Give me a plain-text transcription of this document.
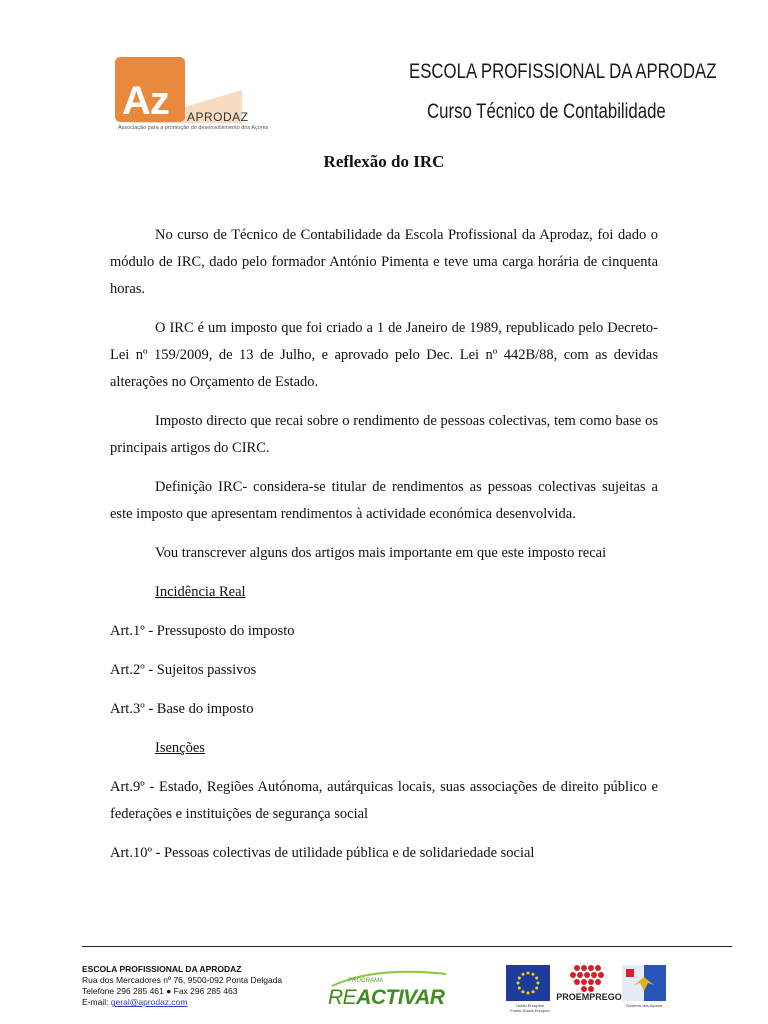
Az APRODAZ
Associação para a promoção do desenvolvimento dos Açores
ESCOLA PROFISSIONAL DA APRODAZ
Curso Técnico de Contabilidade
Reflexão do IRC

No curso de Técnico de Contabilidade da Escola Profissional da Aprodaz, foi dado o módulo de IRC, dado pelo formador António Pimenta e teve uma carga horária de cinquenta horas.

O IRC é um imposto que foi criado a 1 de Janeiro de 1989, republicado pelo Decreto-Lei nº 159/2009, de 13 de Julho, e aprovado pelo Dec. Lei nº 442B/88, com as devidas alterações no Orçamento de Estado.

Imposto directo que recai sobre o rendimento de pessoas colectivas, tem como base os principais artigos do CIRC.

Definição IRC- considera-se titular de rendimentos as pessoas colectivas sujeitas a este imposto que apresentam rendimentos à actividade económica desenvolvida.

Vou transcrever alguns dos artigos mais importante em que este imposto recai

Incidência Real

Art.1º - Pressuposto do imposto

Art.2º - Sujeitos passivos

Art.3º - Base do imposto

Isenções

Art.9º - Estado, Regiões Autónoma, autárquicas locais, suas associações de direito público e federações e instituições de segurança social

Art.10º - Pessoas colectivas de utilidade pública e de solidariedade social

ESCOLA PROFISSIONAL DA APRODAZ
Rua dos Mercadores nº 76, 9500-092 Ponta Delgada
Telefone 296 285 461 ● Fax 296 285 463
E-mail: geral@aprodaz.com
PROGRAMA
REACTIVAR	União Europeia
Fundo Social Europeu
PROEMPREGO
Governo dos Açores
